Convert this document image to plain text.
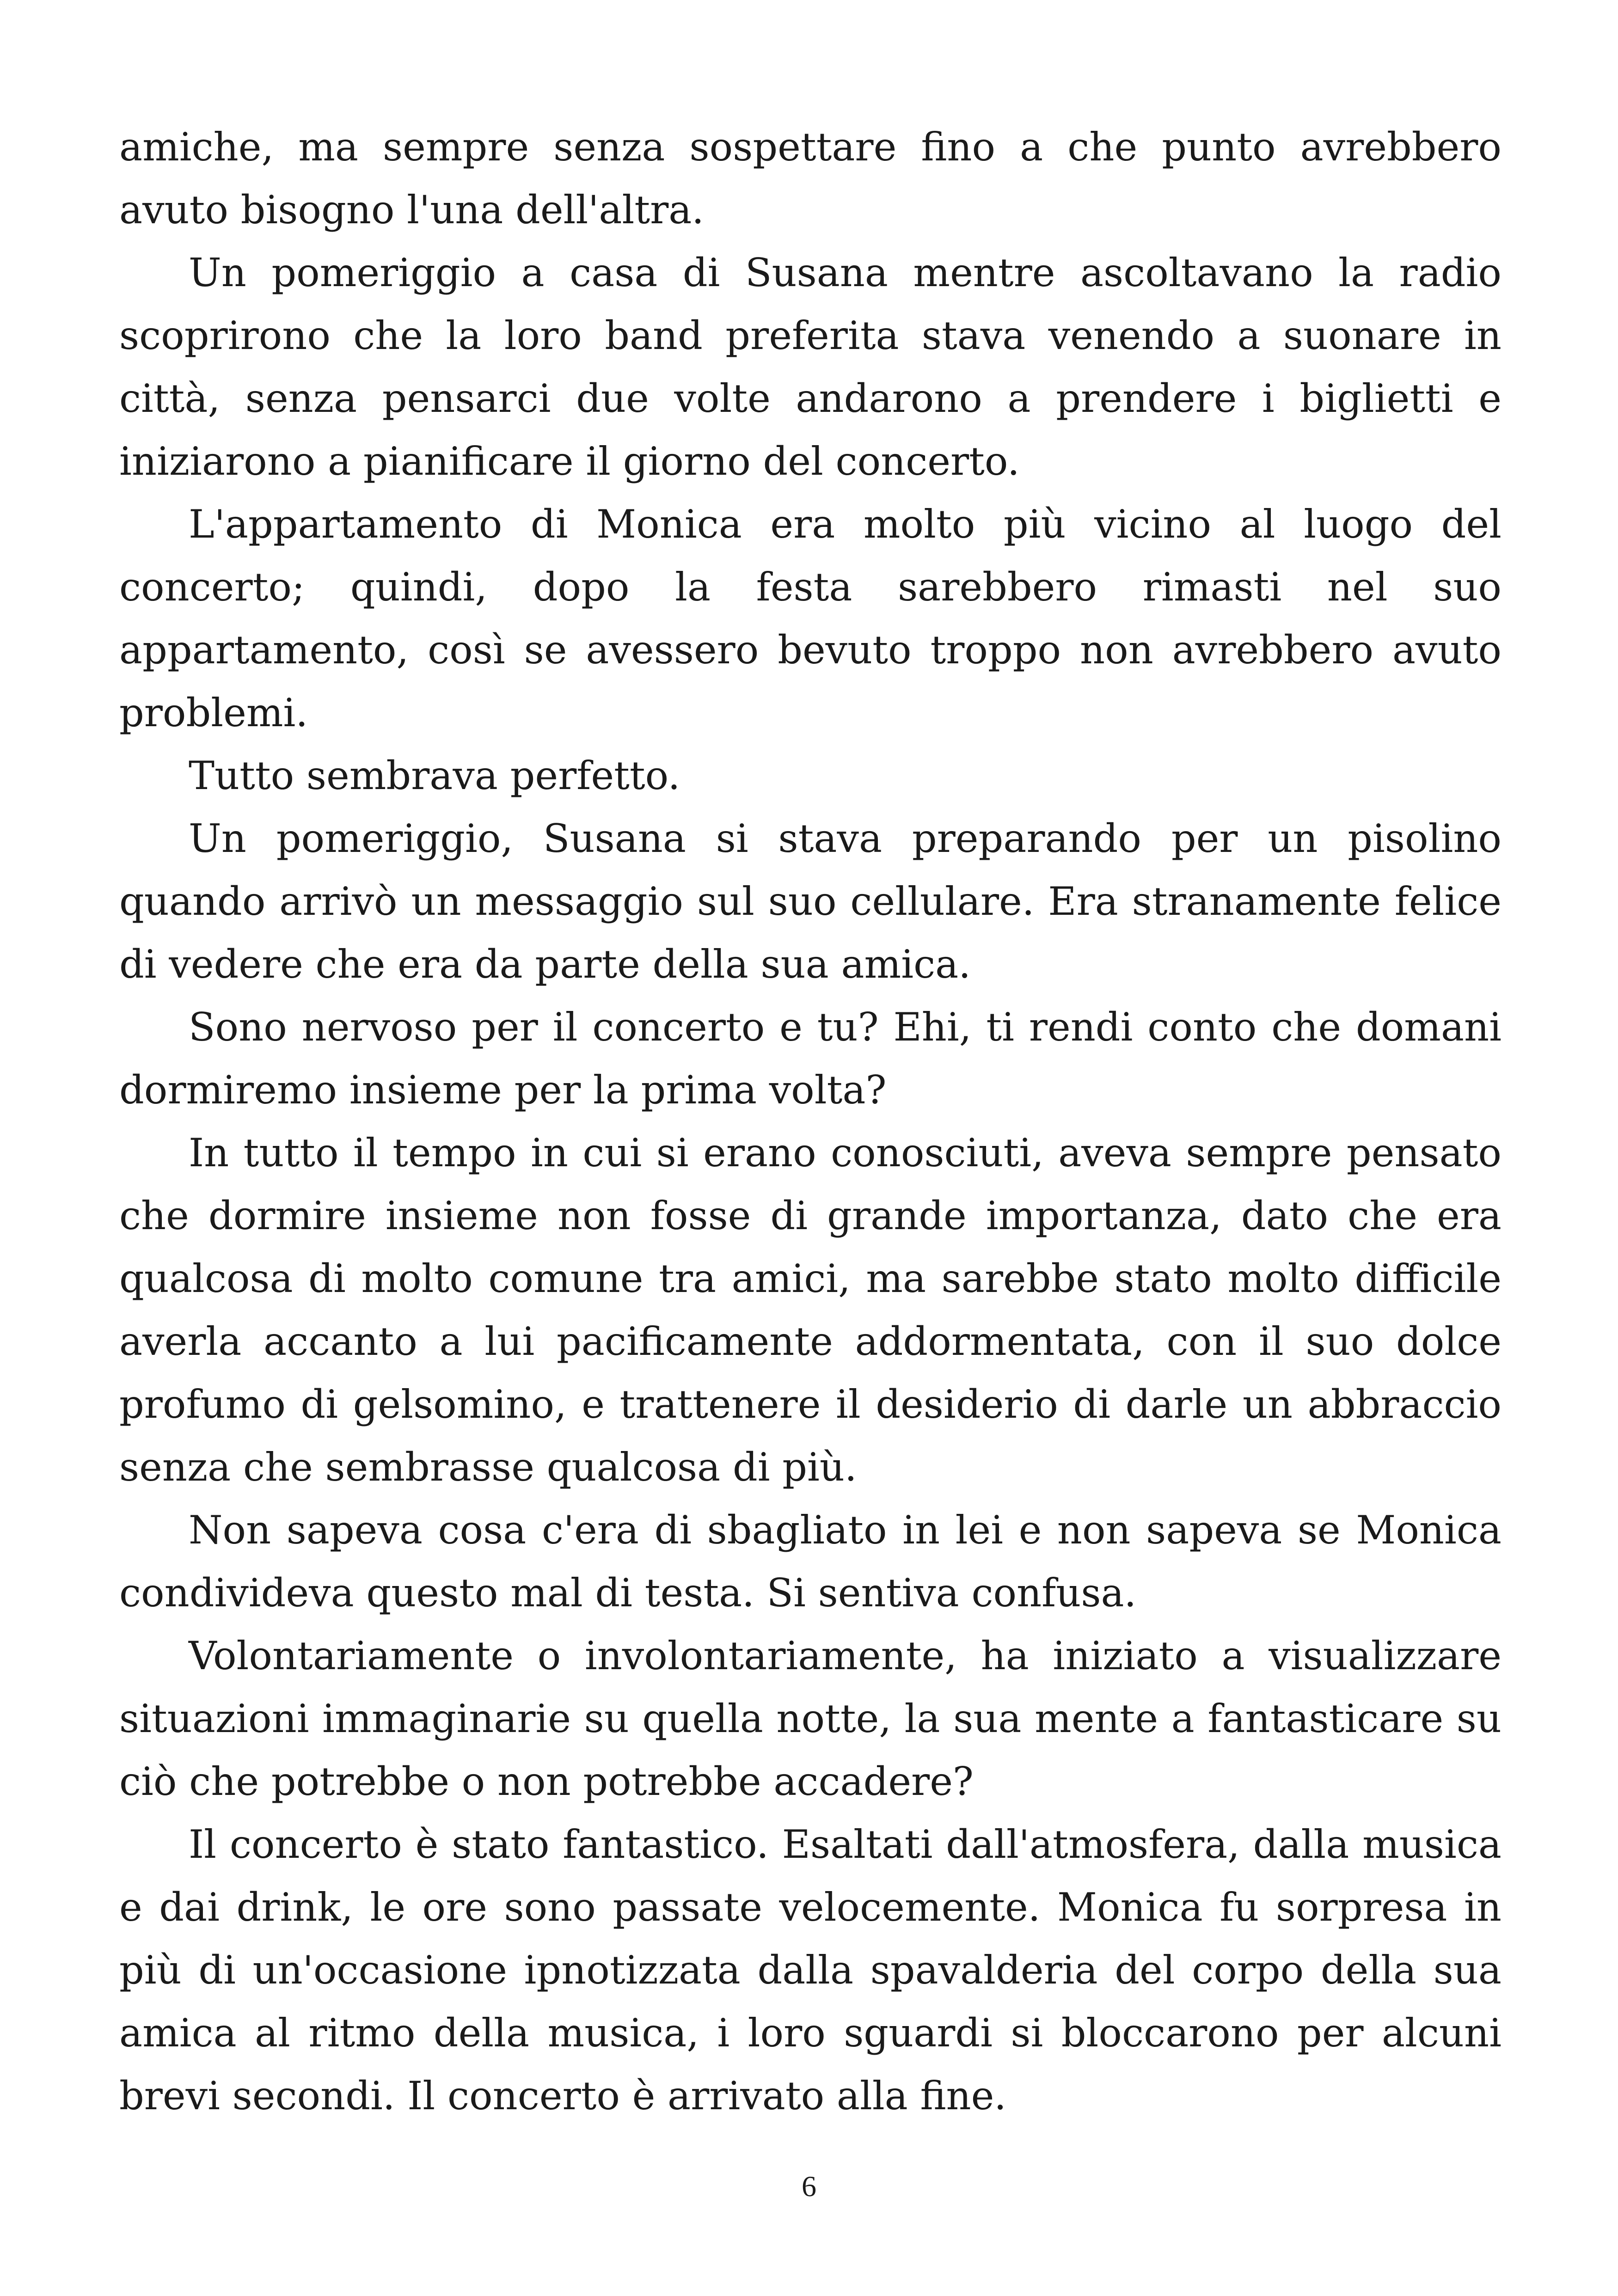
amiche, ma sempre senza sospettare fino a che punto avrebbero avuto bisogno l'una dell'altra.

Un pomeriggio a casa di Susana mentre ascoltavano la radio scoprirono che la loro band preferita stava venendo a suonare in città, senza pensarci due volte andarono a prendere i biglietti e iniziarono a pianificare il giorno del concerto.

L'appartamento di Monica era molto più vicino al luogo del concerto; quindi, dopo la festa sarebbero rimasti nel suo appartamento, così se avessero bevuto troppo non avrebbero avuto problemi.

Tutto sembrava perfetto.

Un pomeriggio, Susana si stava preparando per un pisolino quando arrivò un messaggio sul suo cellulare. Era stranamente felice di vedere che era da parte della sua amica.

Sono nervoso per il concerto e tu? Ehi, ti rendi conto che domani dormiremo insieme per la prima volta?

In tutto il tempo in cui si erano conosciuti, aveva sempre pensato che dormire insieme non fosse di grande importanza, dato che era qualcosa di molto comune tra amici, ma sarebbe stato molto difficile averla accanto a lui pacificamente addormentata, con il suo dolce profumo di gelsomino, e trattenere il desiderio di darle un abbraccio senza che sembrasse qualcosa di più.

Non sapeva cosa c'era di sbagliato in lei e non sapeva se Monica condivideva questo mal di testa. Si sentiva confusa.

Volontariamente o involontariamente, ha iniziato a visualizzare situazioni immaginarie su quella notte, la sua mente a fantasticare su ciò che potrebbe o non potrebbe accadere?

Il concerto è stato fantastico. Esaltati dall'atmosfera, dalla musica e dai drink, le ore sono passate velocemente. Monica fu sorpresa in più di un'occasione ipnotizzata dalla spavalderia del corpo della sua amica al ritmo della musica, i loro sguardi si bloccarono per alcuni brevi secondi. Il concerto è arrivato alla fine.

6
